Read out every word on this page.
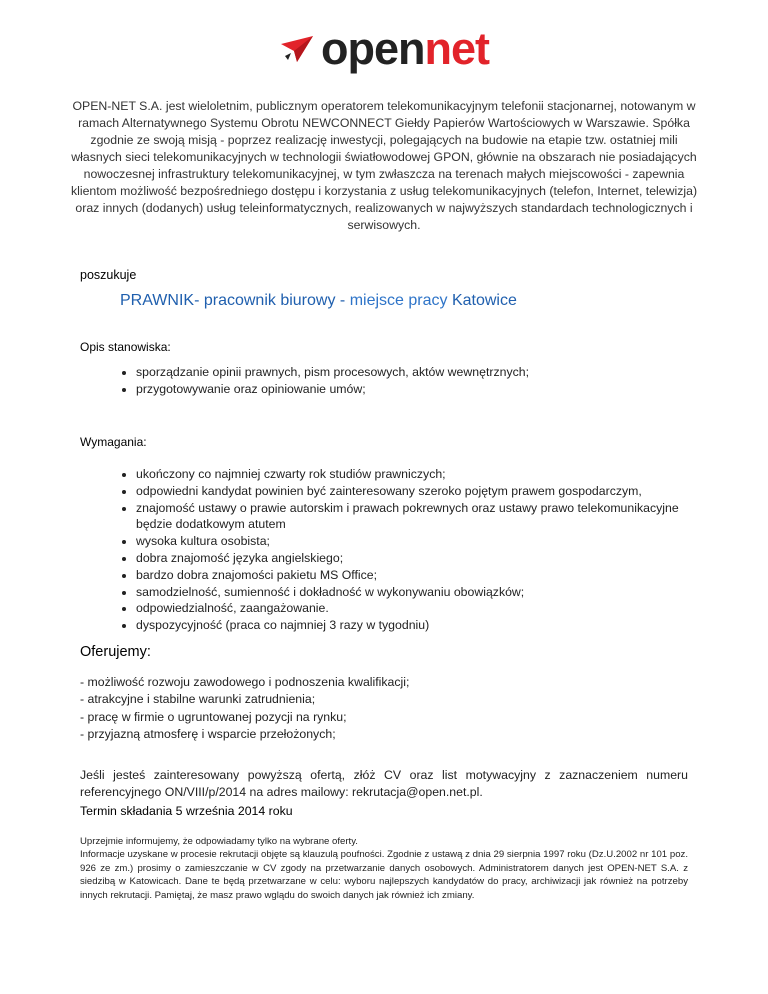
opennet
OPEN-NET S.A. jest wieloletnim, publicznym operatorem telekomunikacyjnym telefonii stacjonarnej, notowanym w ramach Alternatywnego Systemu Obrotu NEWCONNECT Giełdy Papierów Wartościowych w Warszawie. Spółka zgodnie ze swoją misją - poprzez realizację inwestycji, polegających na budowie na etapie tzw. ostatniej mili własnych sieci telekomunikacyjnych w technologii światłowodowej GPON, głównie na obszarach nie posiadających nowoczesnej infrastruktury telekomunikacyjnej, w tym zwłaszcza na terenach małych miejscowości - zapewnia klientom możliwość bezpośredniego dostępu i korzystania z usług telekomunikacyjnych (telefon, Internet, telewizja) oraz innych (dodanych) usług teleinformatycznych, realizowanych w najwyższych standardach technologicznych i serwisowych.
poszukuje
PRAWNIK- pracownik biurowy - miejsce pracy Katowice
Opis stanowiska:
• sporządzanie opinii prawnych, pism procesowych, aktów wewnętrznych;
• przygotowywanie oraz opiniowanie umów;
Wymagania:
• ukończony co najmniej czwarty rok studiów prawniczych;
• odpowiedni kandydat powinien być zainteresowany szeroko pojętym prawem gospodarczym,
• znajomość ustawy o prawie autorskim i prawach pokrewnych oraz ustawy prawo telekomunikacyjne będzie dodatkowym atutem
• wysoka kultura osobista;
• dobra znajomość języka angielskiego;
• bardzo dobra znajomości pakietu MS Office;
• samodzielność, sumienność i dokładność w wykonywaniu obowiązków;
• odpowiedzialność, zaangażowanie.
• dyspozycyjność (praca co najmniej 3 razy w tygodniu)
Oferujemy:
- możliwość rozwoju zawodowego i podnoszenia kwalifikacji;
- atrakcyjne i stabilne warunki zatrudnienia;
- pracę w firmie o ugruntowanej pozycji na rynku;
- przyjazną atmosferę i wsparcie przełożonych;
Jeśli jesteś zainteresowany powyższą ofertą, złóż CV oraz list motywacyjny z zaznaczeniem numeru referencyjnego ON/VIII/p/2014 na adres mailowy: rekrutacja@open.net.pl.
Termin składania 5 września 2014 roku
Uprzejmie informujemy, że odpowiadamy tylko na wybrane oferty.
Informacje uzyskane w procesie rekrutacji objęte są klauzulą poufności. Zgodnie z ustawą z dnia 29 sierpnia 1997 roku (Dz.U.2002 nr 101 poz. 926 ze zm.) prosimy o zamieszczanie w CV zgody na przetwarzanie danych osobowych. Administratorem danych jest OPEN-NET S.A. z siedzibą w Katowicach. Dane te będą przetwarzane w celu: wyboru najlepszych kandydatów do pracy, archiwizacji jak również na potrzeby innych rekrutacji. Pamiętaj, że masz prawo wglądu do swoich danych jak również ich zmiany.
